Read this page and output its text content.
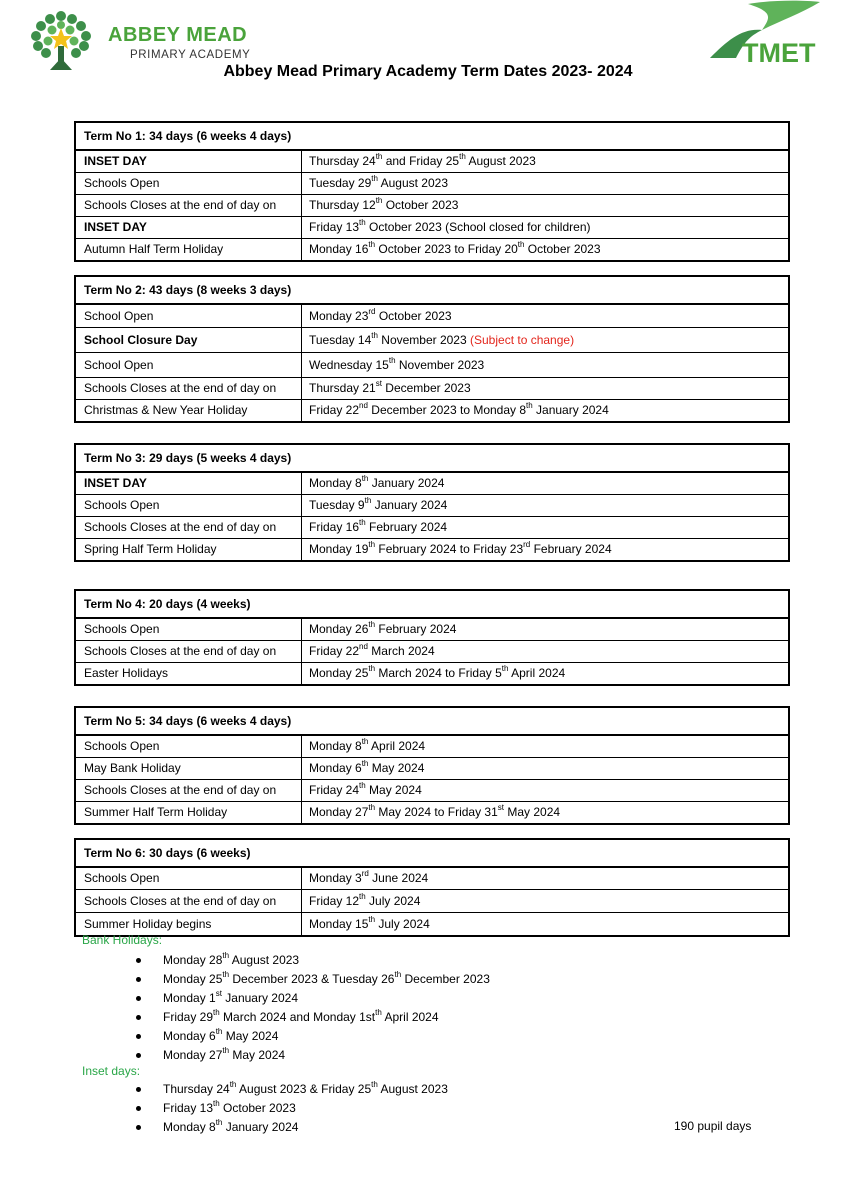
ABBEY MEAD
PRIMARY ACADEMY	TMET
Abbey Mead Primary Academy Term Dates 2023- 2024
Term No 1: 34 days (6 weeks 4 days)
INSET DAY	Thursday 24th and Friday 25th August 2023
Schools Open	Tuesday 29th August 2023
Schools Closes at the end of day on	Thursday 12th October 2023
INSET DAY	Friday 13th October 2023 (School closed for children)
Autumn Half Term Holiday	Monday 16th October 2023 to Friday 20th October 2023
Term No 2: 43 days (8 weeks 3 days)
School Open	Monday 23rd October 2023
School Closure Day	Tuesday 14th November 2023 (Subject to change)
School Open	Wednesday 15th November 2023
Schools Closes at the end of day on	Thursday 21st December 2023
Christmas & New Year Holiday	Friday 22nd December 2023 to Monday 8th January 2024
Term No 3: 29 days (5 weeks 4 days)
INSET DAY	Monday 8th January 2024
Schools Open	Tuesday 9th January 2024
Schools Closes at the end of day on	Friday 16th February 2024
Spring Half Term Holiday	Monday 19th February 2024 to Friday 23rd February 2024
Term No 4: 20 days (4 weeks)
Schools Open	Monday 26th February 2024
Schools Closes at the end of day on	Friday 22nd March 2024
Easter Holidays	Monday 25th March 2024 to Friday 5th April 2024
Term No 5: 34 days (6 weeks 4 days)
Schools Open	Monday 8th April 2024
May Bank Holiday	Monday 6th May 2024
Schools Closes at the end of day on	Friday 24th May 2024
Summer Half Term Holiday	Monday 27th May 2024 to Friday 31st May 2024
Term No 6: 30 days (6 weeks)
Schools Open	Monday 3rd June 2024
Schools Closes at the end of day on	Friday 12th July 2024
Summer Holiday begins	Monday 15th July 2024
Bank Holidays:
Monday 28th August 2023
Monday 25th December 2023 & Tuesday 26th December 2023
Monday 1st January 2024
Friday 29th March 2024 and Monday $1st^{th}$ April 2024
Monday 6th May 2024
Monday 27th May 2024
Inset days:
Thursday 24th August 2023 & Friday 25th August 2023
Friday 13th October 2023
Monday 8th January 2024	190 pupil days
